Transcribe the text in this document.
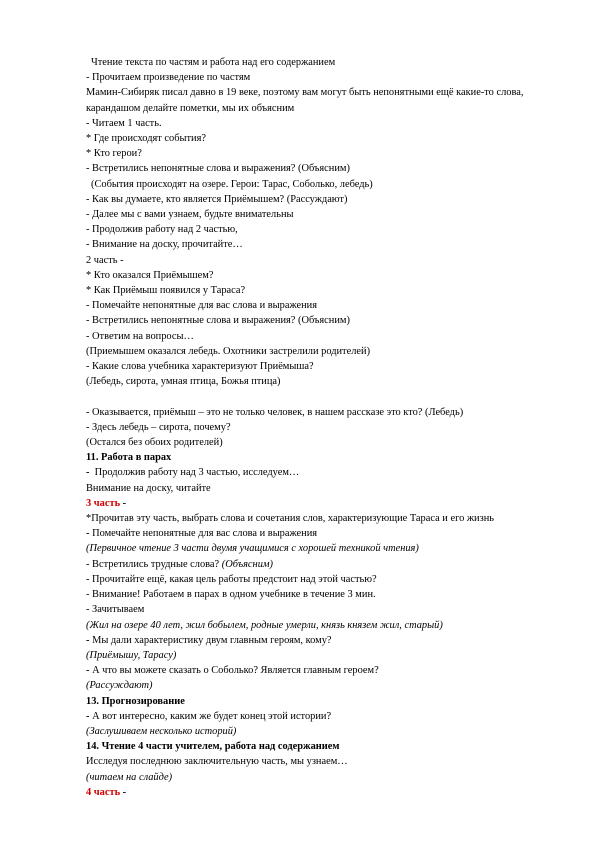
Чтение текста по частям и работа над его содержанием
- Прочитаем произведение по частям
Мамин-Сибиряк писал давно в 19 веке, поэтому вам могут быть непонятными ещё какие-то слова, карандашом делайте пометки, мы их объясним
- Читаем 1 часть.
* Где происходят события?
* Кто герои?
- Встретились непонятные слова и выражения? (Объясним)
(События происходят на озере. Герои: Тарас, Соболько, лебедь)
- Как вы думаете, кто является Приёмышем? (Рассуждают)
- Далее мы с вами узнаем, будьте внимательны
- Продолжив работу над 2 частью,
- Внимание на доску, прочитайте…
2 часть -
* Кто оказался Приёмышем?
* Как Приёмыш появился у Тараса?
- Помечайте непонятные для вас слова и выражения
- Встретились непонятные слова и выражения? (Объясним)
- Ответим на вопросы…
(Приемышем оказался лебедь. Охотники застрелили родителей)
- Какие слова учебника характеризуют Приёмыша?
(Лебедь, сирота, умная птица, Божья птица)
- Оказывается, приёмыш – это не только человек, в нашем рассказе это кто? (Лебедь)
- Здесь лебедь – сирота, почему?
(Остался без обоих родителей)
11. Работа в парах
- Продолжив работу над 3 частью, исследуем…
Внимание на доску, читайте
3 часть -
*Прочитав эту часть, выбрать слова и сочетания слов, характеризующие Тараса и его жизнь
- Помечайте непонятные для вас слова и выражения
(Первичное чтение 3 части двумя учащимися с хорошей техникой чтения)
- Встретились трудные слова? (Объясним)
- Прочитайте ещё, какая цель работы предстоит над этой частью?
- Внимание! Работаем в парах в одном учебнике в течение 3 мин.
- Зачитываем
(Жил на озере 40 лет, жил бобылем, родные умерли, князь князем жил, старый)
- Мы дали характеристику двум главным героям, кому?
(Приёмышу, Тарасу)
- А что вы можете сказать о Соболько? Является главным героем?
(Рассуждают)
13. Прогнозирование
- А вот интересно, каким же будет конец этой истории?
(Заслушиваем несколько историй)
14. Чтение 4 части учителем, работа над содержанием
Исследуя последнюю заключительную часть, мы узнаем…
(читаем на слайде)
4 часть -
